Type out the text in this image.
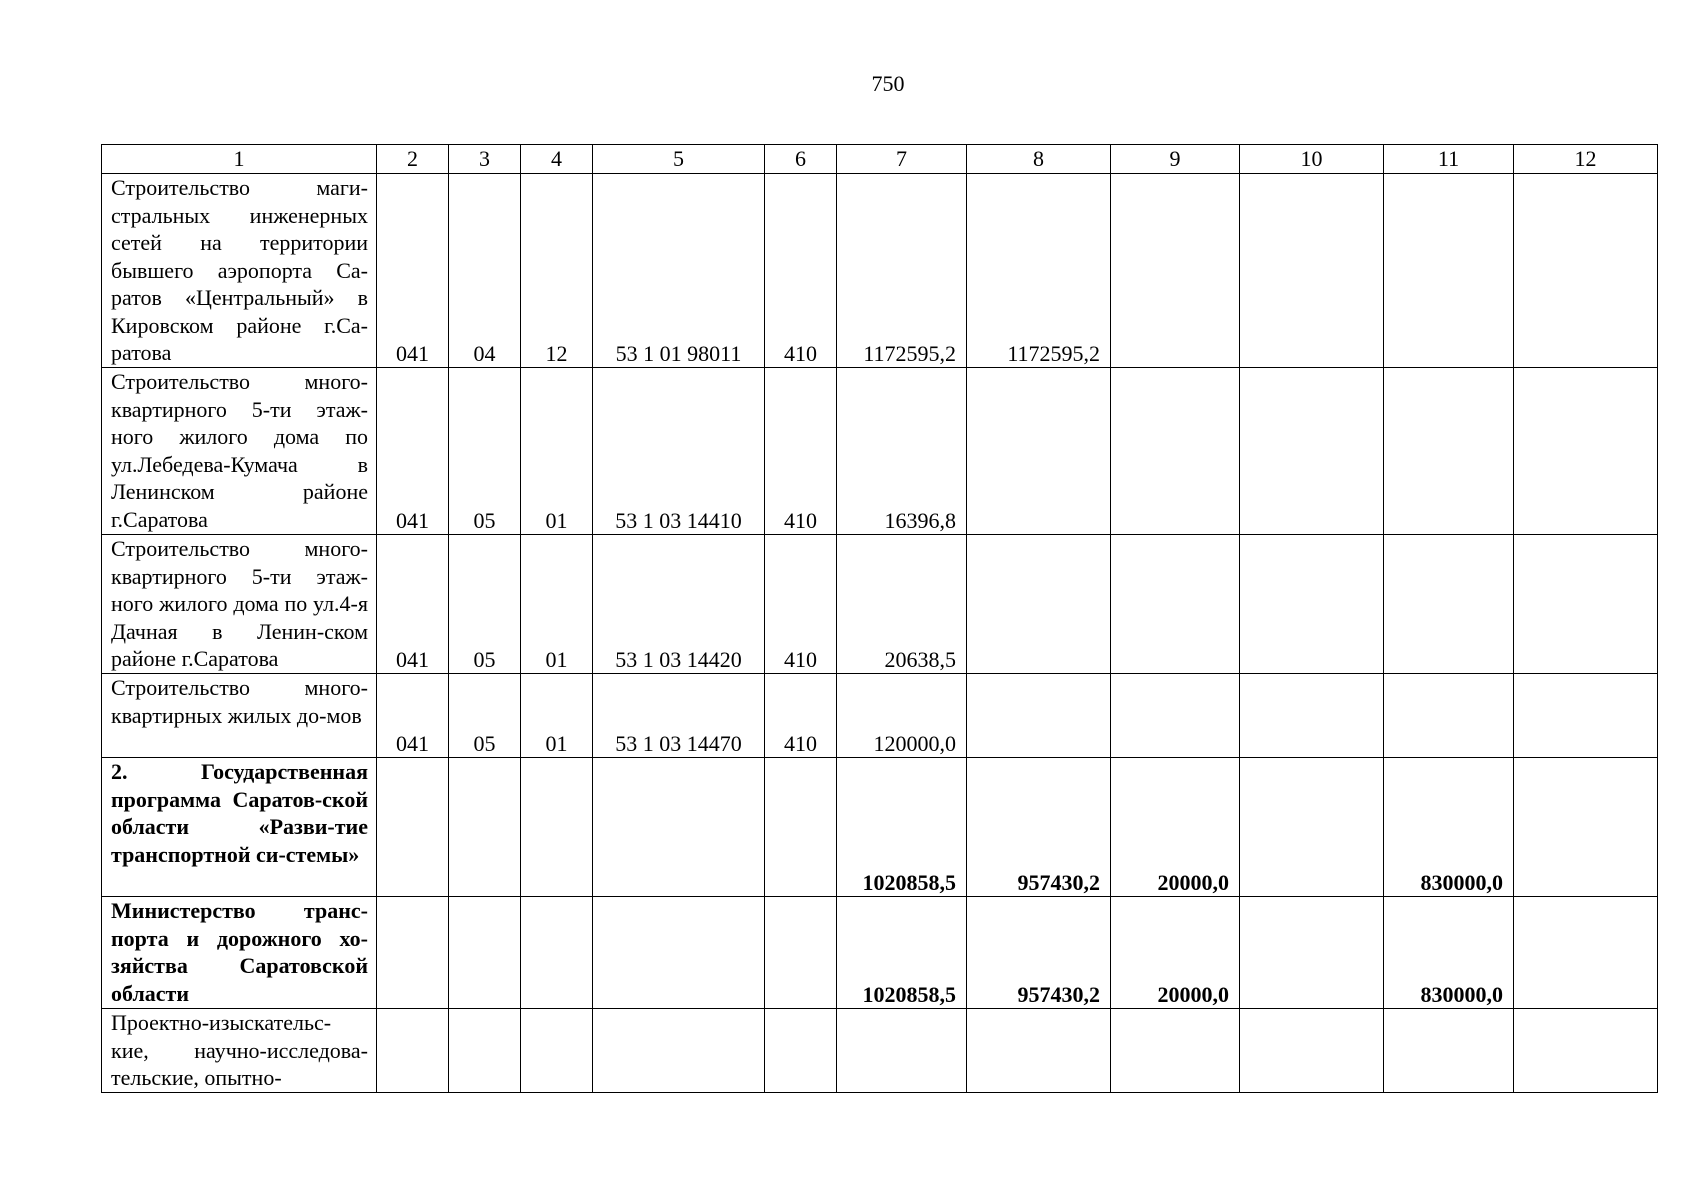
750
1	2	3	4	5	6	7	8	9	10	11	12
Строительство маги-стральных инженерных сетей на территории бывшего аэропорта Са-ратов «Центральный» в Кировском районе г.Са-ратова	041	04	12	53 1 01 98011	410	1172595,2	1172595,2				
Строительство много-квартирного 5-ти этаж-ного жилого дома по ул.Лебедева-Кумача в Ленинском районе г.Саратова	041	05	01	53 1 03 14410	410	16396,8					
Строительство много-квартирного 5-ти этаж-ного жилого дома по ул.4-я Дачная в Ленин-ском районе г.Саратова	041	05	01	53 1 03 14420	410	20638,5					
Строительство много-квартирных жилых до-мов	041	05	01	53 1 03 14470	410	120000,0					
2. Государственная программа Саратов-ской области «Разви-тие транспортной си-стемы»						1020858,5	957430,2	20000,0		830000,0	
Министерство транс-порта и дорожного хо-зяйства Саратовской области						1020858,5	957430,2	20000,0		830000,0	
Проектно-изыскательс-кие, научно-исследова-тельские, опытно-											
